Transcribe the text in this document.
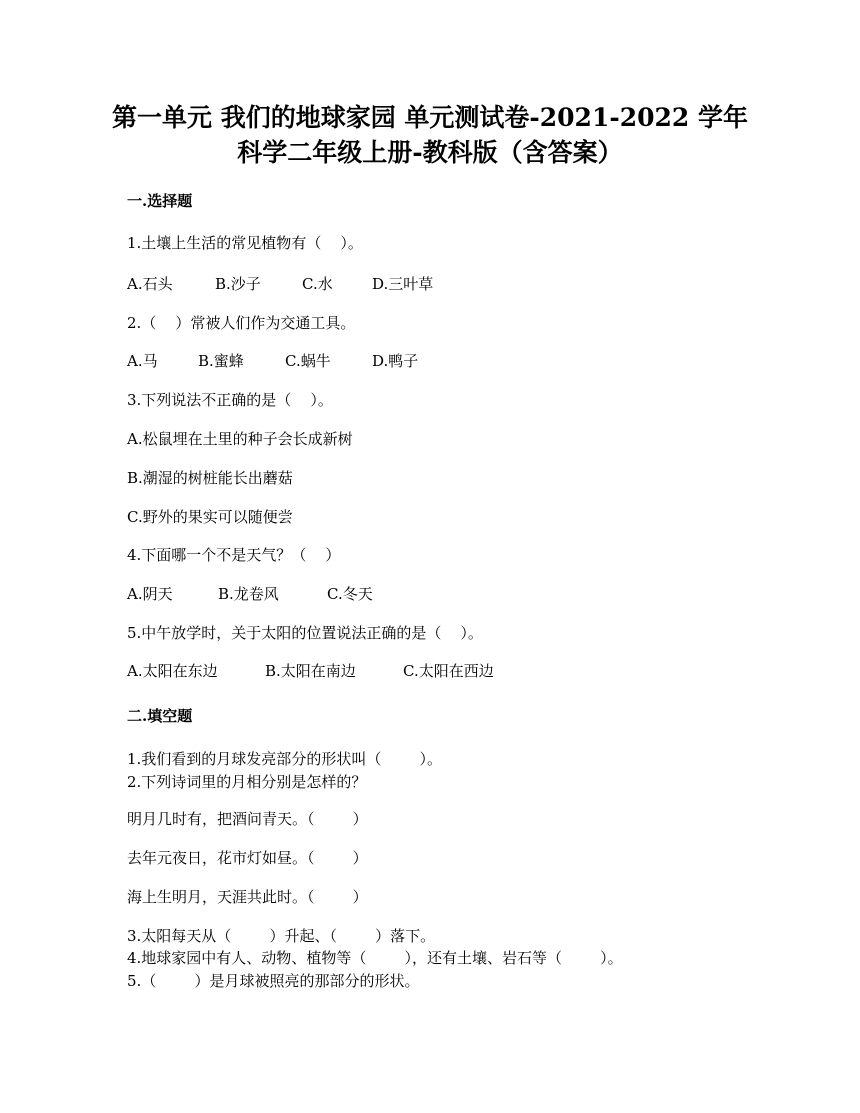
第一单元 我们的地球家园 单元测试卷-2021-2022 学年
科学二年级上册-教科版（含答案）
一.选择题
1.土壤上生活的常见植物有（    ）。
A.石头	B.沙子	C.水	D.三叶草
2.（    ）常被人们作为交通工具。
A.马	B.蜜蜂	C.蜗牛	D.鸭子
3.下列说法不正确的是（    ）。
A.松鼠埋在土里的种子会长成新树
B.潮湿的树桩能长出蘑菇
C.野外的果实可以随便尝
4.下面哪一个不是天气？（    ）
A.阴天	B.龙卷风	C.冬天
5.中午放学时，关于太阳的位置说法正确的是（    ）。
A.太阳在东边	B.太阳在南边	C.太阳在西边
二.填空题
1.我们看到的月球发亮部分的形状叫（        ）。
2.下列诗词里的月相分别是怎样的？
明月几时有，把酒问青天。（        ）
去年元夜日，花市灯如昼。（        ）
海上生明月，天涯共此时。（        ）
3.太阳每天从（        ）升起、（        ）落下。
4.地球家园中有人、动物、植物等（        ），还有土壤、岩石等（        ）。
5.（        ）是月球被照亮的那部分的形状。
